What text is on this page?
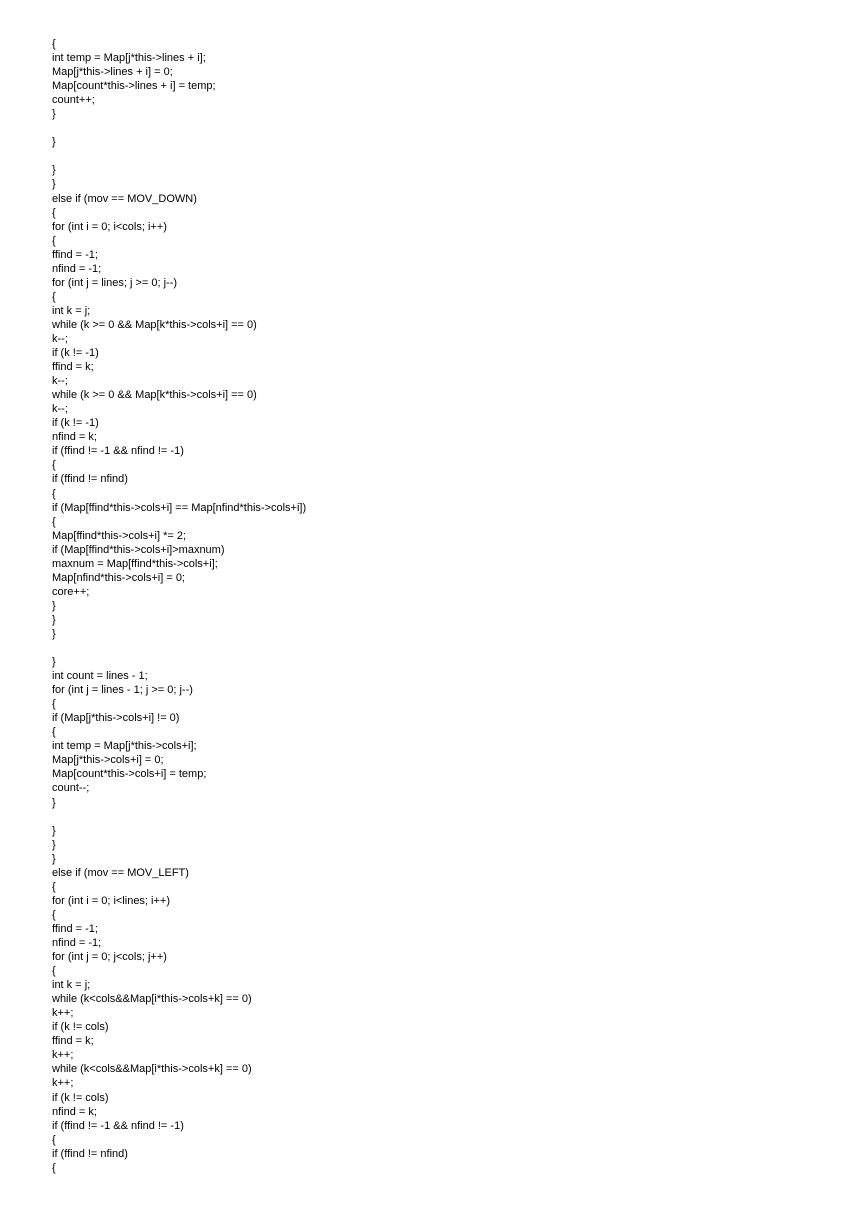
{
int temp = Map[j*this->lines + i];
Map[j*this->lines + i] = 0;
Map[count*this->lines + i] = temp;
count++;
}
}
}
}
else if (mov == MOV_DOWN)
{
for (int i = 0; i<cols; i++)
{
ffind = -1;
nfind = -1;
for (int j = lines; j >= 0; j--)
{
int k = j;
while (k >= 0 && Map[k*this->cols+i] == 0)
k--;
if (k != -1)
ffind = k;
k--;
while (k >= 0 && Map[k*this->cols+i] == 0)
k--;
if (k != -1)
nfind = k;
if (ffind != -1 && nfind != -1)
{
if (ffind != nfind)
{
if (Map[ffind*this->cols+i] == Map[nfind*this->cols+i])
{
Map[ffind*this->cols+i] *= 2;
if (Map[ffind*this->cols+i]>maxnum)
maxnum = Map[ffind*this->cols+i];
Map[nfind*this->cols+i] = 0;
core++;
}
}
}
}
int count = lines - 1;
for (int j = lines - 1; j >= 0; j--)
{
if (Map[j*this->cols+i] != 0)
{
int temp = Map[j*this->cols+i];
Map[j*this->cols+i] = 0;
Map[count*this->cols+i] = temp;
count--;
}
}
}
}
else if (mov == MOV_LEFT)
{
for (int i = 0; i<lines; i++)
{
ffind = -1;
nfind = -1;
for (int j = 0; j<cols; j++)
{
int k = j;
while (k<cols&&Map[i*this->cols+k] == 0)
k++;
if (k != cols)
ffind = k;
k++;
while (k<cols&&Map[i*this->cols+k] == 0)
k++;
if (k != cols)
nfind = k;
if (ffind != -1 && nfind != -1)
{
if (ffind != nfind)
{
